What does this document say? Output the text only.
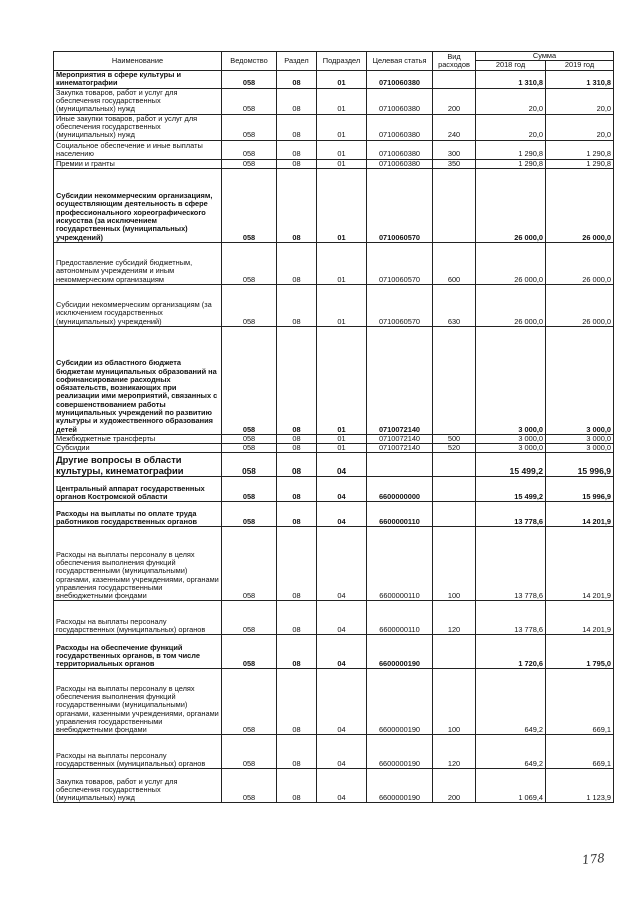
Наименование	Ведомство	Раздел	Подраздел	Целевая статья	Вид расходов	Сумма	
						2018 год	2019 год
Мероприятия в сфере культуры и кинематографии	058	08	01	0710060380		1 310,8	1 310,8
Закупка товаров, работ и услуг для обеспечения государственных (муниципальных) нужд	058	08	01	0710060380	200	20,0	20,0
Иные закупки товаров, работ и услуг для обеспечения государственных (муниципальных) нужд	058	08	01	0710060380	240	20,0	20,0
Социальное обеспечение и иные выплаты населению	058	08	01	0710060380	300	1 290,8	1 290,8
Премии и гранты	058	08	01	0710060380	350	1 290,8	1 290,8
Субсидии некоммерческим организациям, осуществляющим деятельность в сфере профессионального хореографического искусства (за исключением государственных (муниципальных) учреждений)	058	08	01	0710060570		26 000,0	26 000,0
Предоставление субсидий бюджетным, автономным учреждениям и иным некоммерческим организациям	058	08	01	0710060570	600	26 000,0	26 000,0
Субсидии некоммерческим организациям (за исключением государственных (муниципальных) учреждений)	058	08	01	0710060570	630	26 000,0	26 000,0
Субсидии из областного бюджета бюджетам муниципальных образований на софинансирование расходных обязательств, возникающих при реализации ими мероприятий, связанных с совершенствованием работы муниципальных учреждений по развитию культуры и художественного образования детей	058	08	01	0710072140		3 000,0	3 000,0
Межбюджетные трансферты	058	08	01	0710072140	500	3 000,0	3 000,0
Субсидии	058	08	01	0710072140	520	3 000,0	3 000,0
Другие вопросы в области культуры, кинематографии	058	08	04			15 499,2	15 996,9
Центральный аппарат государственных органов Костромской области	058	08	04	6600000000		15 499,2	15 996,9
Расходы на выплаты по оплате труда работников государственных органов	058	08	04	6600000110		13 778,6	14 201,9
Расходы на выплаты персоналу в целях обеспечения выполнения функций государственными (муниципальными) органами, казенными учреждениями, органами управления государственными внебюджетными фондами	058	08	04	6600000110	100	13 778,6	14 201,9
Расходы на выплаты персоналу государственных (муниципальных) органов	058	08	04	6600000110	120	13 778,6	14 201,9
Расходы на обеспечение функций государственных органов, в том числе территориальных органов	058	08	04	6600000190		1 720,6	1 795,0
Расходы на выплаты персоналу в целях обеспечения выполнения функций государственными (муниципальными) органами, казенными учреждениями, органами управления государственными внебюджетными фондами	058	08	04	6600000190	100	649,2	669,1
Расходы на выплаты персоналу государственных (муниципальных) органов	058	08	04	6600000190	120	649,2	669,1
Закупка товаров, работ и услуг для обеспечения государственных (муниципальных) нужд	058	08	04	6600000190	200	1 069,4	1 123,9
178
